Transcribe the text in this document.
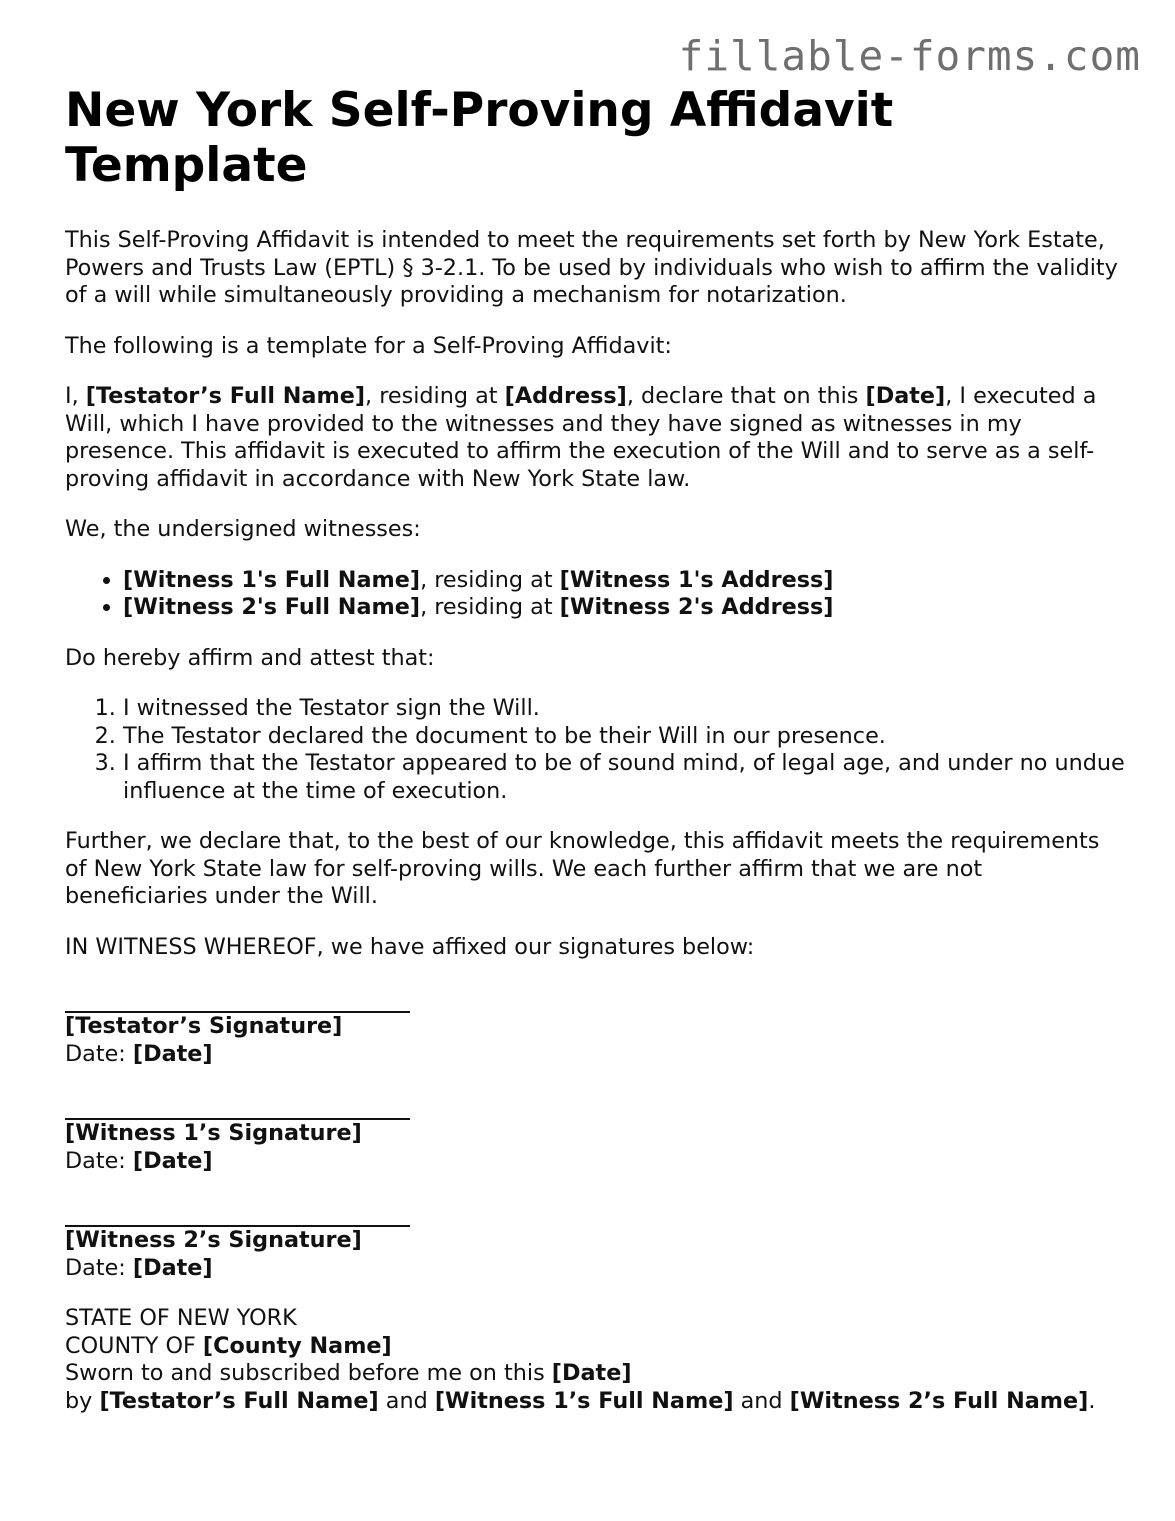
fillable-forms.com
New York Self-Proving Affidavit Template

This Self-Proving Affidavit is intended to meet the requirements set forth by New York Estate, Powers and Trusts Law (EPTL) § 3-2.1. To be used by individuals who wish to affirm the validity of a will while simultaneously providing a mechanism for notarization.

The following is a template for a Self-Proving Affidavit:

I, [Testator’s Full Name], residing at [Address], declare that on this [Date], I executed a Will, which I have provided to the witnesses and they have signed as witnesses in my presence. This affidavit is executed to affirm the execution of the Will and to serve as a self-proving affidavit in accordance with New York State law.

We, the undersigned witnesses:

• [Witness 1's Full Name], residing at [Witness 1's Address]
• [Witness 2's Full Name], residing at [Witness 2's Address]

Do hereby affirm and attest that:

1. I witnessed the Testator sign the Will.
2. The Testator declared the document to be their Will in our presence.
3. I affirm that the Testator appeared to be of sound mind, of legal age, and under no undue influence at the time of execution.

Further, we declare that, to the best of our knowledge, this affidavit meets the requirements of New York State law for self-proving wills. We each further affirm that we are not beneficiaries under the Will.

IN WITNESS WHEREOF, we have affixed our signatures below:

[Testator’s Signature]
Date: [Date]
[Witness 1’s Signature]
Date: [Date]
[Witness 2’s Signature]
Date: [Date]
STATE OF NEW YORK
COUNTY OF [County Name]
Sworn to and subscribed before me on this [Date]
by [Testator’s Full Name] and [Witness 1’s Full Name] and [Witness 2’s Full Name].
